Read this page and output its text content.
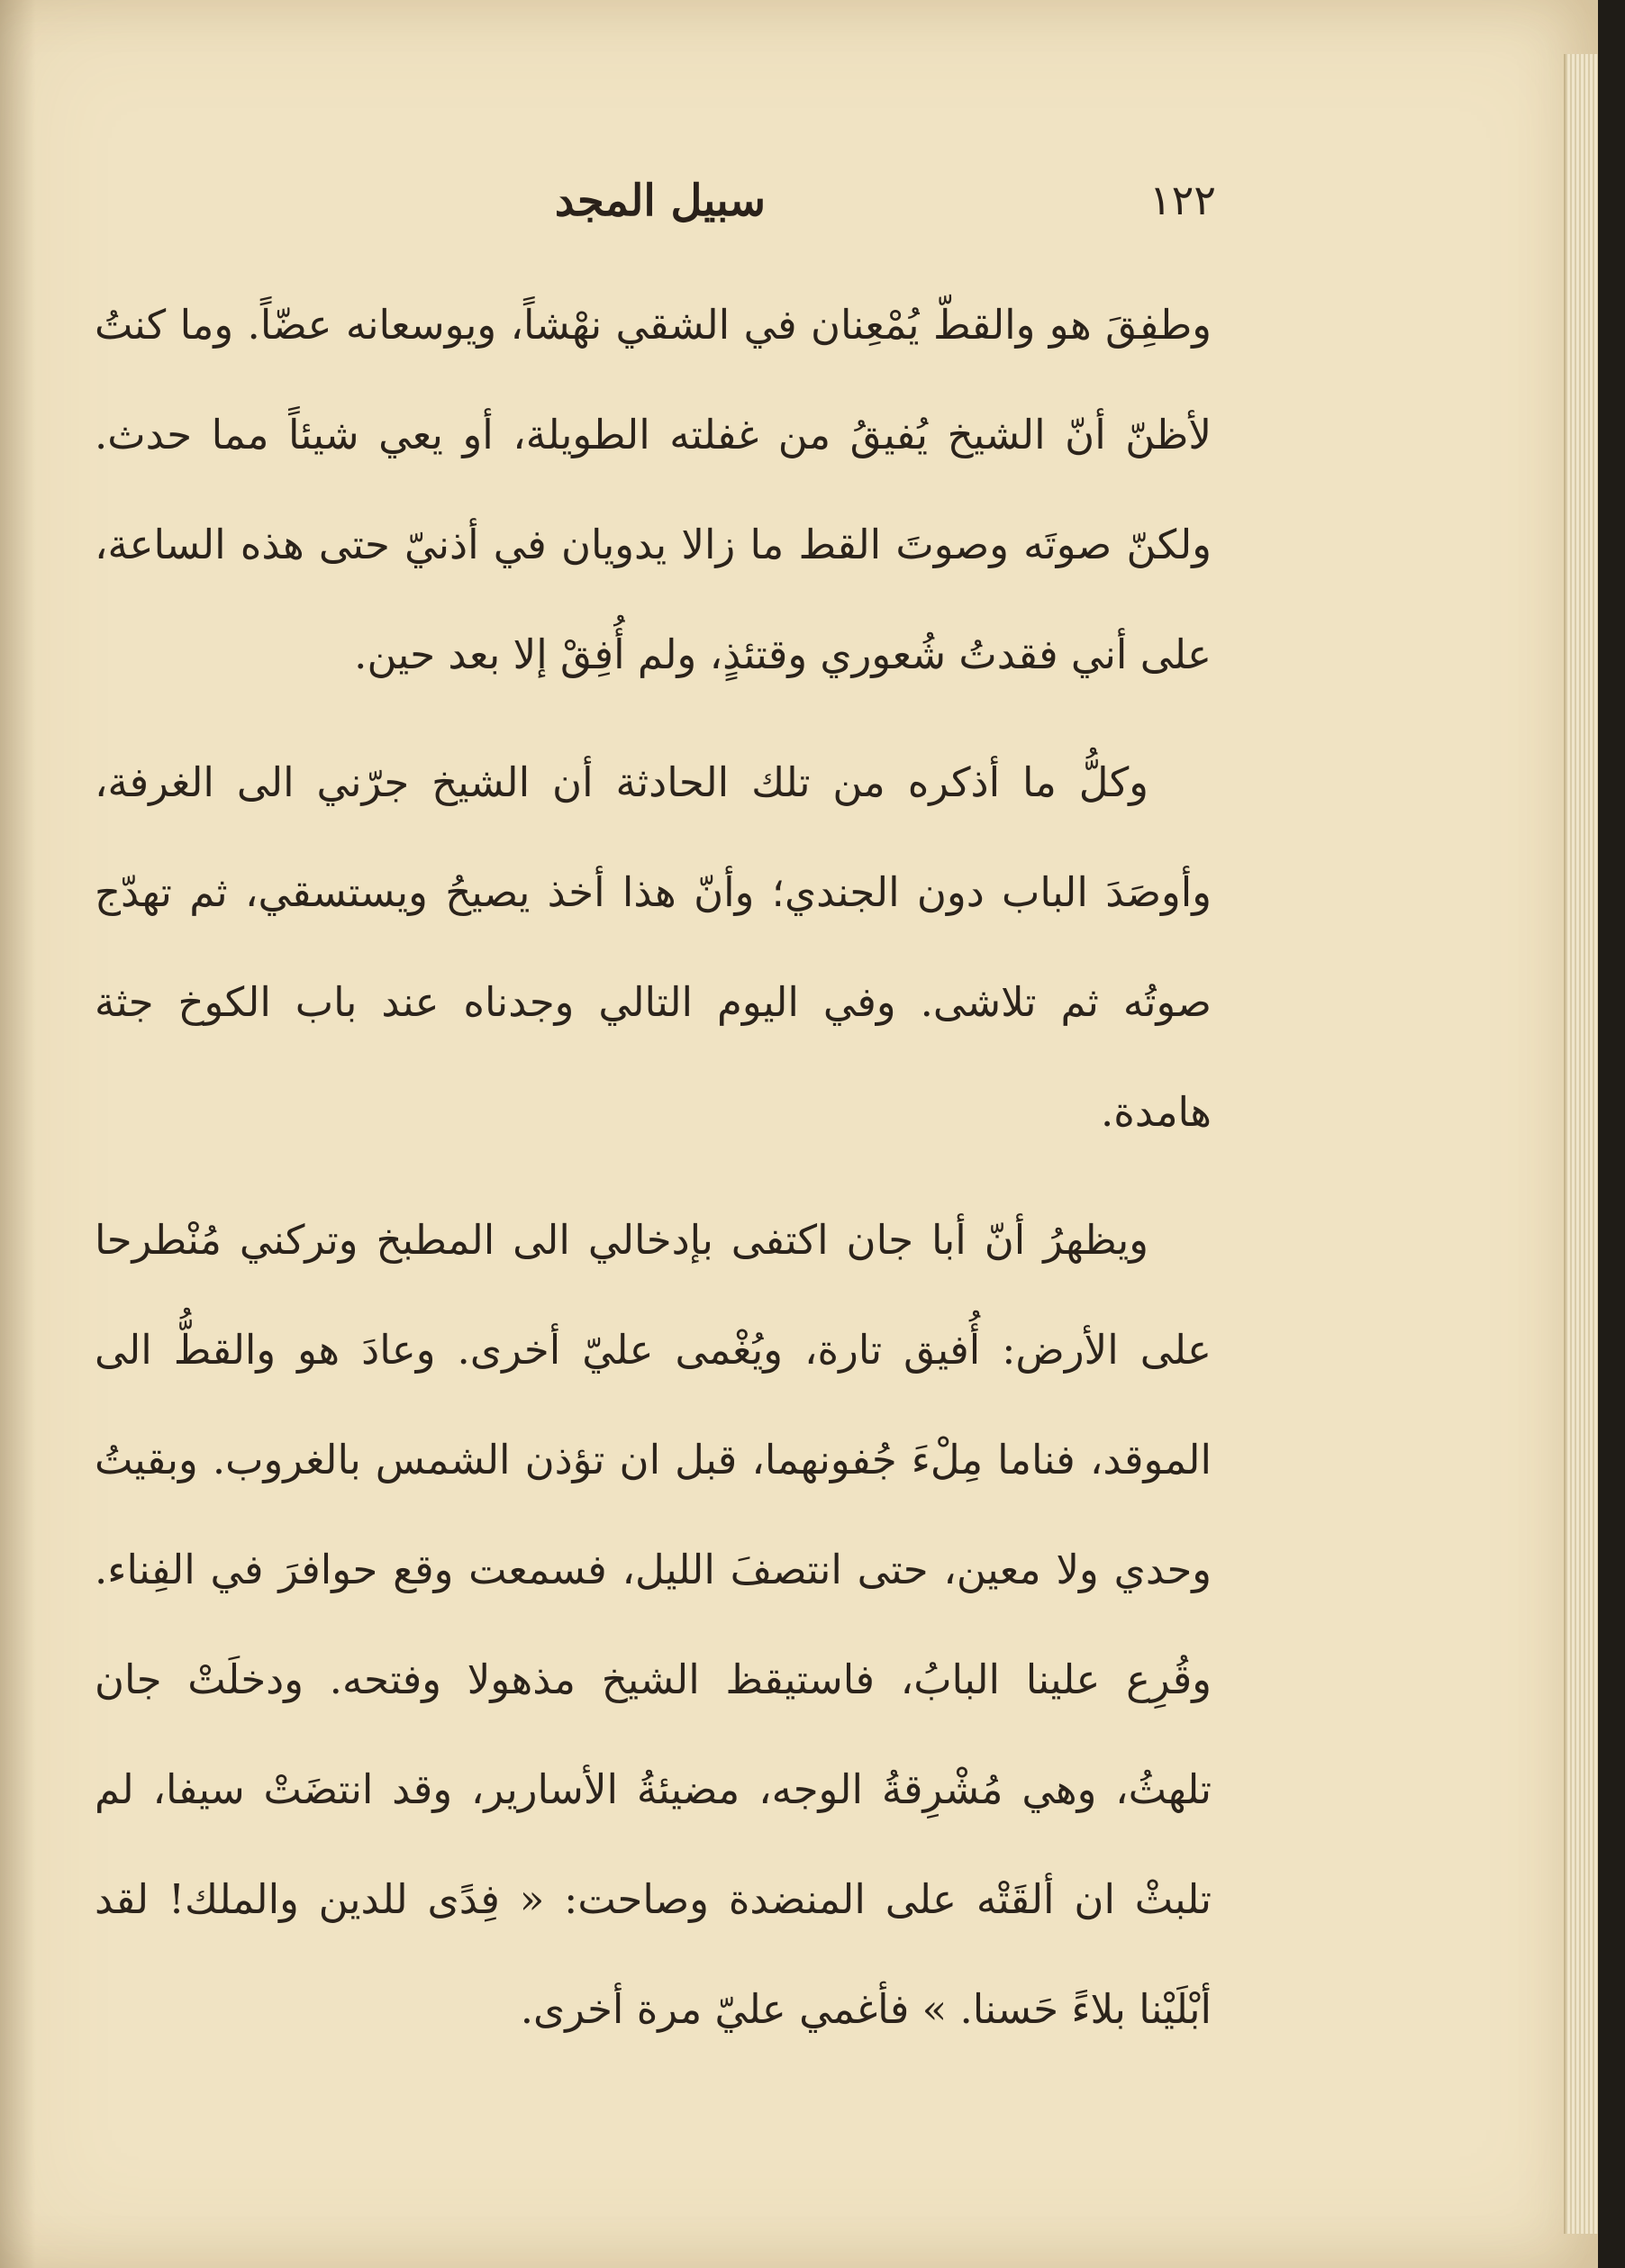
١٢٢
سبيل المجد

وطفِقَ هو والقطّ يُمْعِنان في الشقي نهْشاً، ويوسعانه عضّاً. وما كنتُ لأظنّ أنّ الشيخ يُفيقُ من غفلته الطويلة، أو يعي شيئاً مما حدث. ولكنّ صوتَه وصوتَ القط ما زالا يدويان في أذنيّ حتى هذه الساعة، على أني فقدتُ شُعوري وقتئذٍ، ولم أُفِقْ إلا بعد حين.

وكلُّ ما أذكره من تلك الحادثة أن الشيخ جرّني الى الغرفة، وأوصَدَ الباب دون الجندي؛ وأنّ هذا أخذ يصيحُ ويستسقي، ثم تهدّج صوتُه ثم تلاشى. وفي اليوم التالي وجدناه عند باب الكوخ جثة هامدة.

ويظهرُ أنّ أبا جان اكتفى بإدخالي الى المطبخ وتركني مُنْطرحا على الأرض: أُفيق تارة، ويُغْمى عليّ أخرى. وعادَ هو والقطُّ الى الموقد، فناما مِلْءَ جُفونهما، قبل ان تؤذن الشمس بالغروب. وبقيتُ وحدي ولا معين، حتى انتصفَ الليل، فسمعت وقع حوافرَ في الفِناء. وقُرِع علينا البابُ، فاستيقظ الشيخ مذهولا وفتحه. ودخلَتْ جان تلهثُ، وهي مُشْرِقةُ الوجه، مضيئةُ الأسارير، وقد انتضَتْ سيفا، لم تلبثْ ان ألقَتْه على المنضدة وصاحت: « فِدًى للدين والملك! لقد أبْلَيْنا بلاءً حَسنا. » فأغمي عليّ مرة أخرى.
